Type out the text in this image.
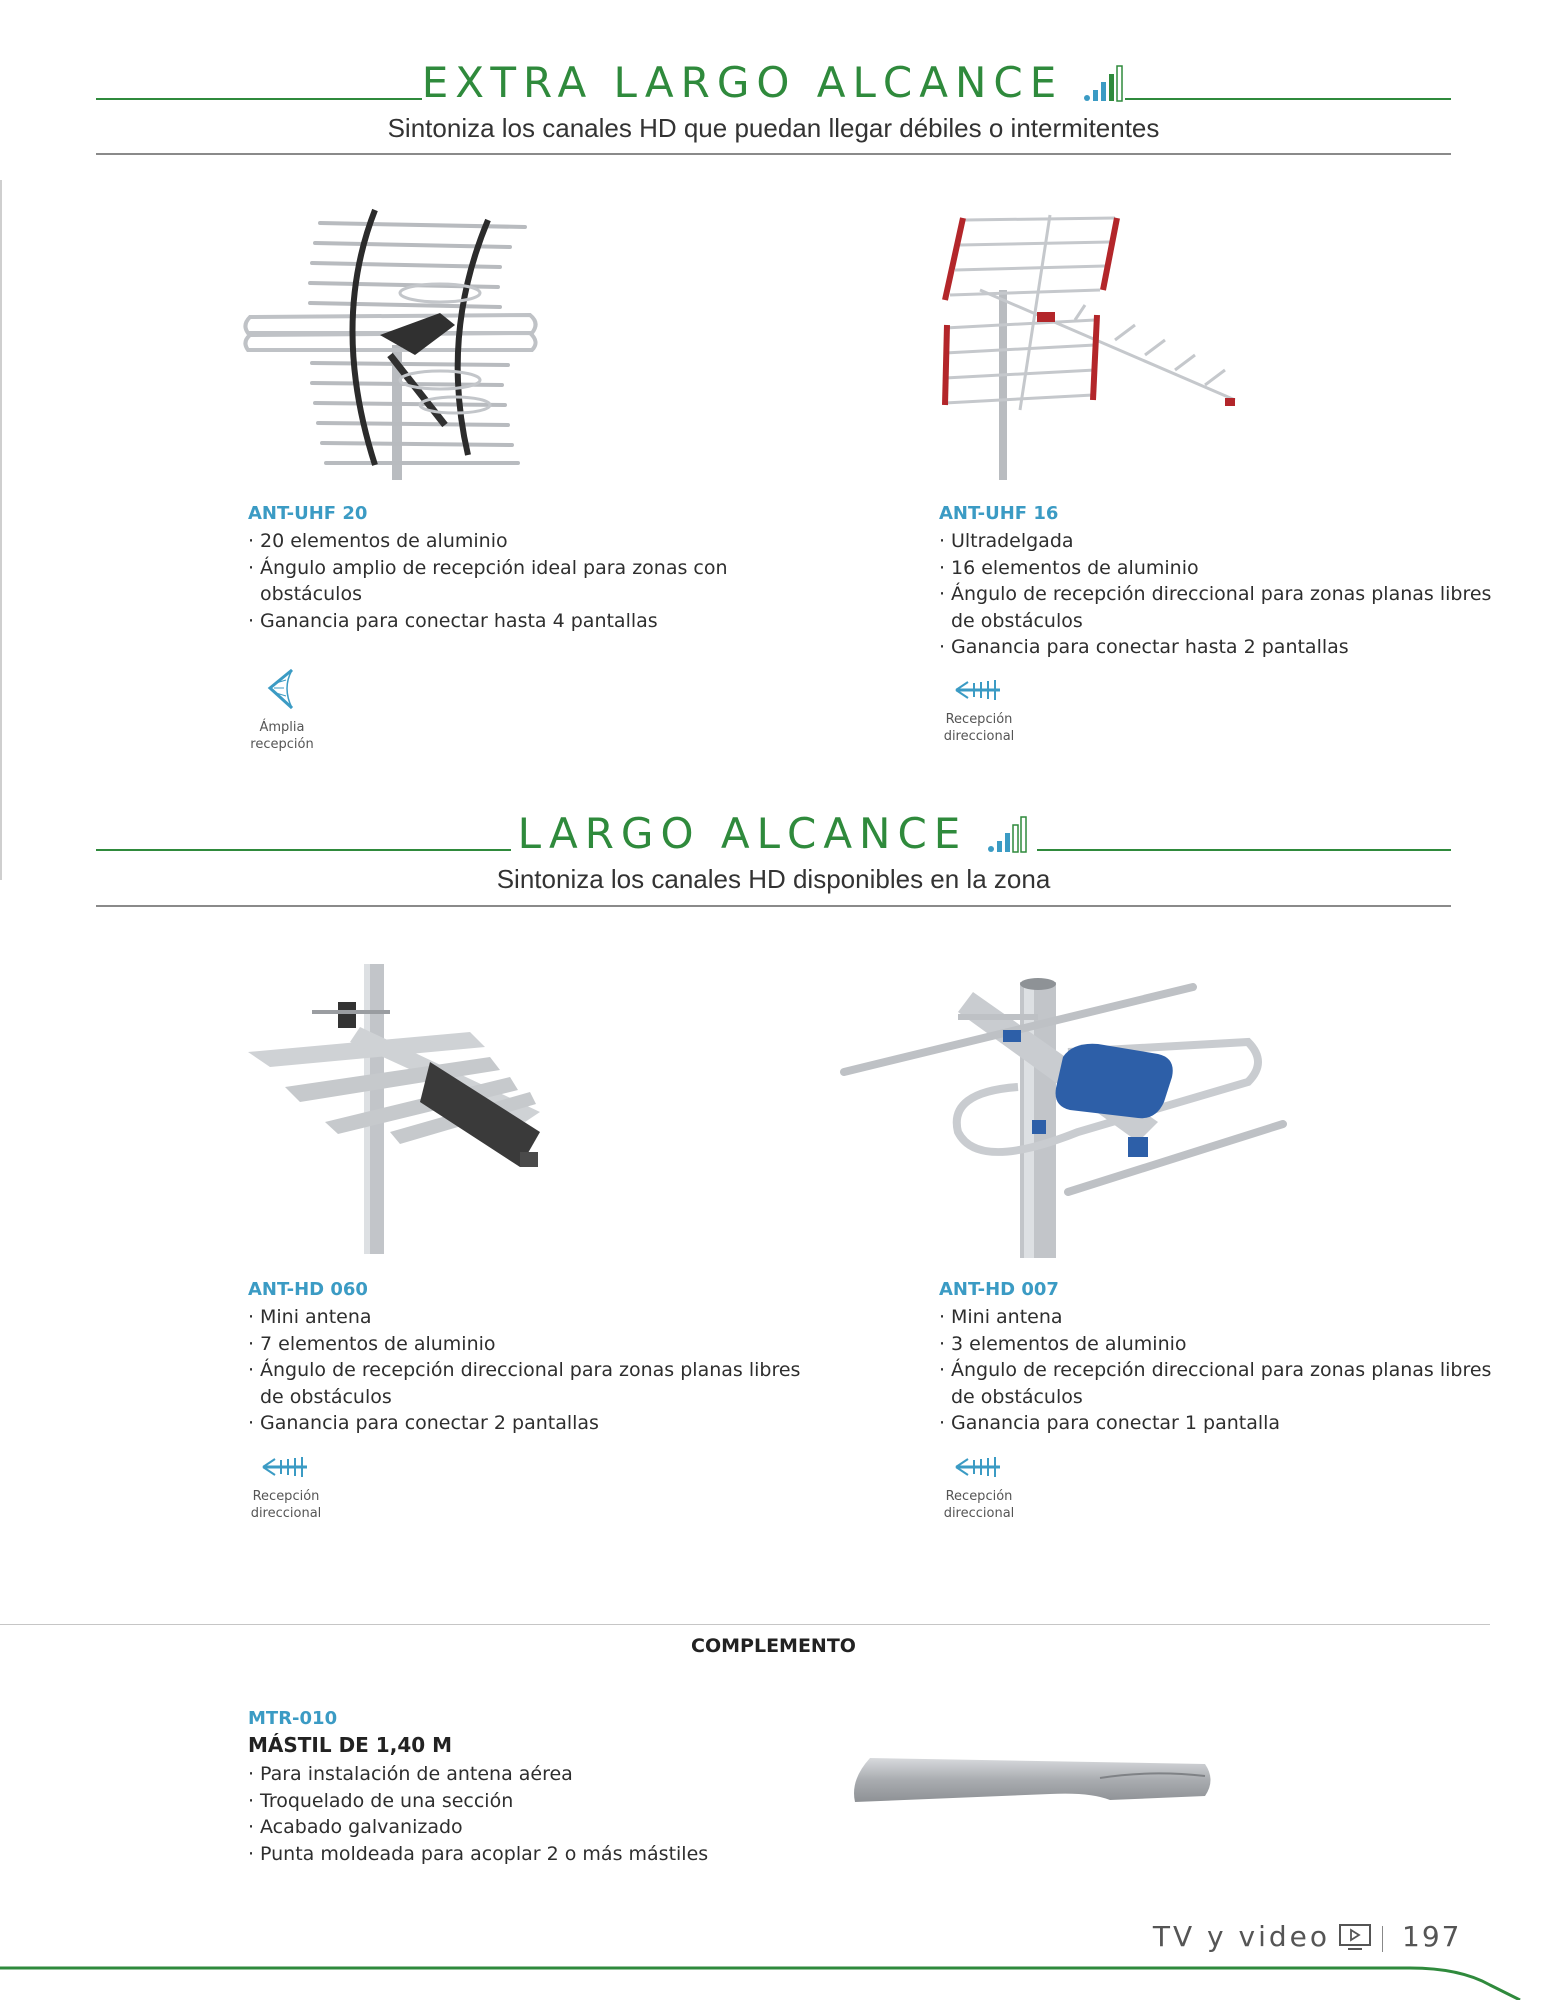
EXTRA LARGO ALCANCE
Sintoniza los canales HD que puedan llegar débiles o intermitentes
ANT-UHF 20
· 20 elementos de aluminio
· Ángulo amplio de recepción ideal para zonas con obstáculos
· Ganancia para conectar hasta 4 pantallas
Ámplia
recepción
ANT-UHF 16
· Ultradelgada
· 16 elementos de aluminio
· Ángulo de recepción direccional para zonas planas libres de obstáculos
· Ganancia para conectar hasta 2 pantallas
Recepción
direccional
LARGO ALCANCE
Sintoniza los canales HD disponibles en la zona
ANT-HD 060
· Mini antena
· 7 elementos de aluminio
· Ángulo de recepción direccional para zonas planas libres de obstáculos
· Ganancia para conectar 2 pantallas
Recepción
direccional
ANT-HD 007
· Mini antena
· 3 elementos de aluminio
· Ángulo de recepción direccional para zonas planas libres de obstáculos
· Ganancia para conectar 1 pantalla
Recepción
direccional
COMPLEMENTO
MTR-010
MÁSTIL DE 1,40 M
· Para instalación de antena aérea
· Troquelado de una sección
· Acabado galvanizado
· Punta moldeada para acoplar 2 o más mástiles
TV y video	197
